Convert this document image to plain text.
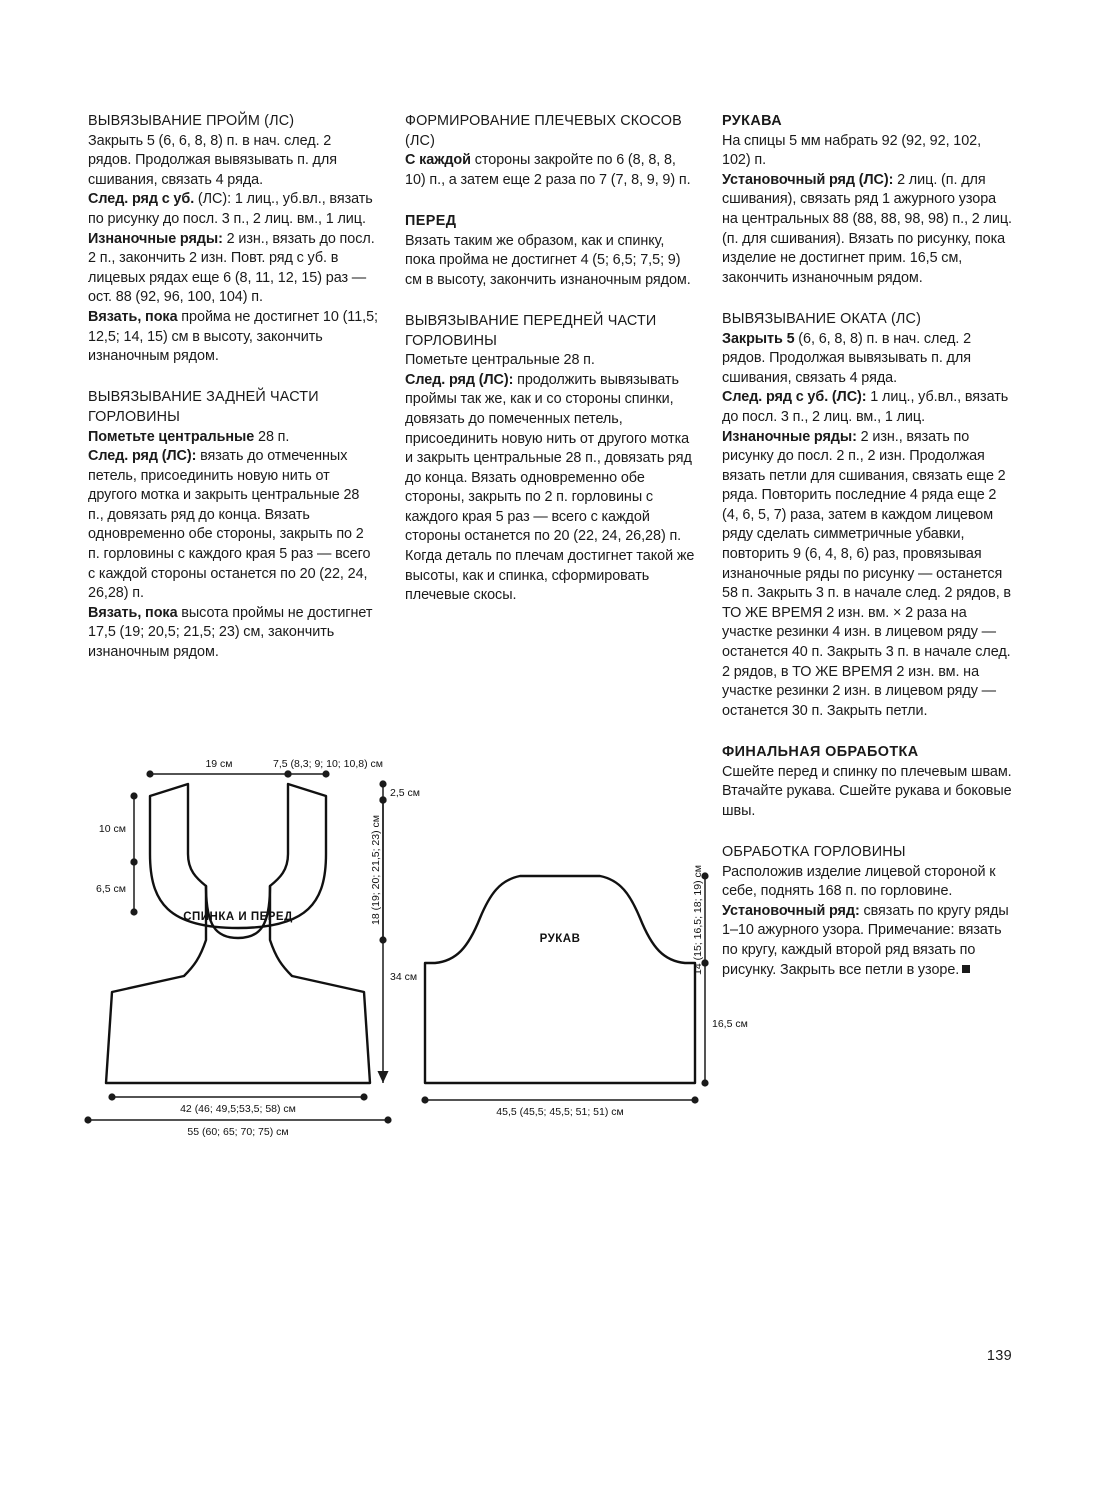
ВЫВЯЗЫВАНИЕ ПРОЙМ (ЛС)

Закрыть 5 (6, 6, 8, 8) п. в нач. след. 2 рядов. Продолжая вывязывать п. для сшивания, связать 4 ряда.

След. ряд с уб. (ЛС): 1 лиц., уб.вл., вязать по рисунку до посл. 3 п., 2 лиц. вм., 1 лиц.

Изнаночные ряды: 2 изн., вязать до посл. 2 п., закончить 2 изн. Повт. ряд с уб. в лицевых рядах еще 6 (8, 11, 12, 15) раз — ост. 88 (92, 96, 100, 104) п.

Вязать, пока пройма не достигнет 10 (11,5; 12,5; 14, 15) см в высоту, закончить изнаночным рядом.

ВЫВЯЗЫВАНИЕ ЗАДНЕЙ ЧАСТИ ГОРЛОВИНЫ

Пометьте центральные 28 п.

След. ряд (ЛС): вязать до отмеченных петель, присоединить новую нить от другого мотка и закрыть центральные 28 п., довязать ряд до конца. Вязать одновременно обе стороны, закрыть по 2 п. горловины с каждого края 5 раз — всего с каждой стороны останется по 20 (22, 24, 26,28) п.

Вязать, пока высота проймы не достигнет 17,5 (19; 20,5; 21,5; 23) см, закончить изнаночным рядом.

ФОРМИРОВАНИЕ ПЛЕЧЕВЫХ СКОСОВ (ЛС)

С каждой стороны закройте по 6 (8, 8, 8, 10) п., а затем еще 2 раза по 7 (7, 8, 9, 9) п.

ПЕРЕД

Вязать таким же образом, как и спинку, пока пройма не достигнет 4 (5; 6,5; 7,5; 9) см в высоту, закончить изнаночным рядом.

ВЫВЯЗЫВАНИЕ ПЕРЕДНЕЙ ЧАСТИ ГОРЛОВИНЫ

Пометьте центральные 28 п.

След. ряд (ЛС): продолжить вывязывать проймы так же, как и со стороны спинки, довязать до помеченных петель, присоединить новую нить от другого мотка и закрыть центральные 28 п., довязать ряд до конца. Вязать одновременно обе стороны, закрыть по 2 п. горловины с каждого края 5 раз — всего с каждой стороны останется по 20 (22, 24, 26,28) п. Когда деталь по плечам достигнет такой же высоты, как и спинка, сформировать плечевые скосы.

РУКАВА

На спицы 5 мм набрать 92 (92, 92, 102, 102) п.

Установочный ряд (ЛС): 2 лиц. (п. для сшивания), связать ряд 1 ажурного узора на центральных 88 (88, 88, 98, 98) п., 2 лиц. (п. для сшивания). Вязать по рисунку, пока изделие не достигнет прим. 16,5 см, закончить изнаночным рядом.

ВЫВЯЗЫВАНИЕ ОКАТА (ЛС)

Закрыть 5 (6, 6, 8, 8) п. в нач. след. 2 рядов. Продолжая вывязывать п. для сшивания, связать 4 ряда.

След. ряд с уб. (ЛС): 1 лиц., уб.вл., вязать до посл. 3 п., 2 лиц. вм., 1 лиц.

Изнаночные ряды: 2 изн., вязать по рисунку до посл. 2 п., 2 изн. Продолжая вязать петли для сшивания, связать еще 2 ряда. Повторить последние 4 ряда еще 2 (4, 6, 5, 7) раза, затем в каждом лицевом ряду сделать симметричные убавки, повторить 9 (6, 4, 8, 6) раз, провязывая изнаночные ряды по рисунку — останется 58 п. Закрыть 3 п. в начале след. 2 рядов, в ТО ЖЕ ВРЕМЯ 2 изн. вм. × 2 раза на участке резинки 4 изн. в лицевом ряду — останется 40 п. Закрыть 3 п. в начале след. 2 рядов, в ТО ЖЕ ВРЕМЯ 2 изн. вм. на участке резинки 2 изн. в лицевом ряду — останется 30 п. Закрыть петли.

ФИНАЛЬНАЯ ОБРАБОТКА

Сшейте перед и спинку по плечевым швам. Втачайте рукава. Сшейте рукава и боковые швы.

ОБРАБОТКА ГОРЛОВИНЫ

Расположив изделие лицевой стороной к себе, поднять 168 п. по горловине.

Установочный ряд: связать по кругу ряды 1–10 ажурного узора. Примечание: вязать по кругу, каждый второй ряд вязать по рисунку. Закрыть все петли в узоре.

СПИНКА И ПЕРЕД
19 см	7,5 (8,3; 9; 10; 10,8) см
10 см
6,5 см
2,5 см
18 (19; 20; 21,5; 23) см
34 см
42 (46; 49,5;53,5; 58) см
55 (60; 65; 70; 75) см
РУКАВ	14 (15; 16,5; 18; 19) см
16,5 см
45,5 (45,5; 45,5; 51; 51) см
139
